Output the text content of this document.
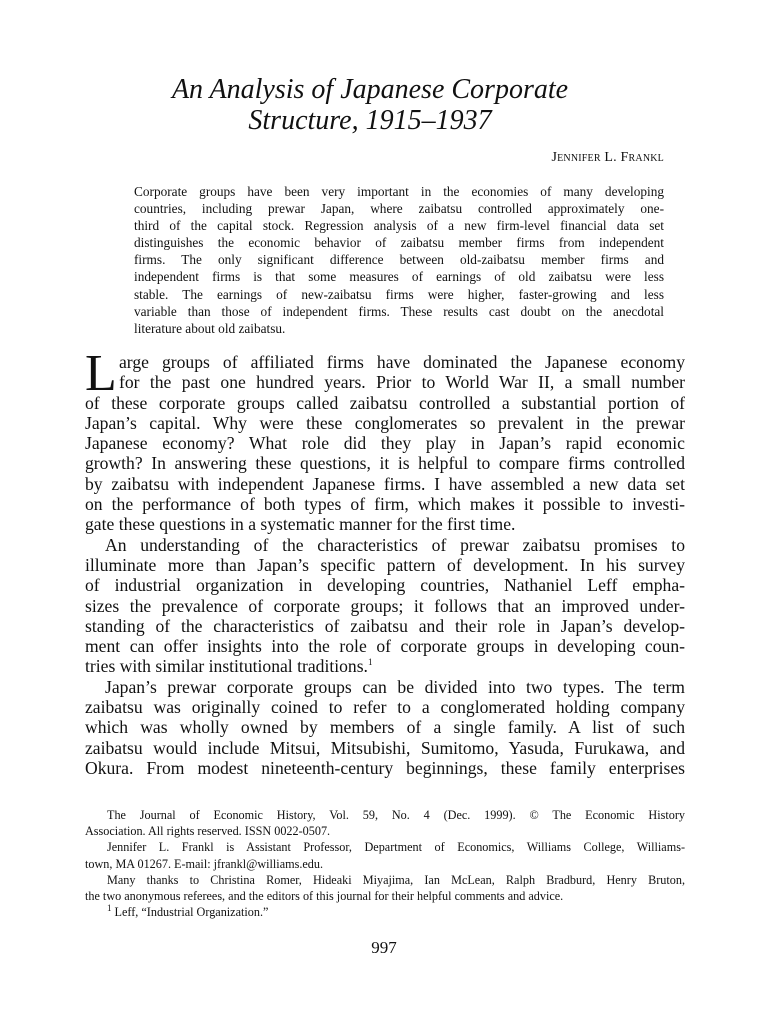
An Analysis of Japanese Corporate
Structure, 1915–1937
Jennifer L. Frankl
Corporate groups have been very important in the economies of many developing
countries, including prewar Japan, where zaibatsu controlled approximately one-
third of the capital stock. Regression analysis of a new firm-level financial data set
distinguishes the economic behavior of zaibatsu member firms from independent
firms. The only significant difference between old-zaibatsu member firms and
independent firms is that some measures of earnings of old zaibatsu were less
stable. The earnings of new-zaibatsu firms were higher, faster-growing and less
variable than those of independent firms. These results cast doubt on the anecdotal
literature about old zaibatsu.
L arge groups of affiliated firms have dominated the Japanese economy
for the past one hundred years. Prior to World War II, a small number
of these corporate groups called zaibatsu controlled a substantial portion of
Japan’s capital. Why were these conglomerates so prevalent in the prewar
Japanese economy? What role did they play in Japan’s rapid economic
growth? In answering these questions, it is helpful to compare firms controlled
by zaibatsu with independent Japanese firms. I have assembled a new data set
on the performance of both types of firm, which makes it possible to investi-
gate these questions in a systematic manner for the first time.
An understanding of the characteristics of prewar zaibatsu promises to
illuminate more than Japan’s specific pattern of development. In his survey
of industrial organization in developing countries, Nathaniel Leff empha-
sizes the prevalence of corporate groups; it follows that an improved under-
standing of the characteristics of zaibatsu and their role in Japan’s develop-
ment can offer insights into the role of corporate groups in developing coun-
tries with similar institutional traditions.$^1$
Japan’s prewar corporate groups can be divided into two types. The term
zaibatsu was originally coined to refer to a conglomerated holding company
which was wholly owned by members of a single family. A list of such
zaibatsu would include Mitsui, Mitsubishi, Sumitomo, Yasuda, Furukawa, and
Okura. From modest nineteenth-century beginnings, these family enterprises
The Journal of Economic History, Vol. 59, No. 4 (Dec. 1999). © The Economic History
Association. All rights reserved. ISSN 0022-0507.
Jennifer L. Frankl is Assistant Professor, Department of Economics, Williams College, Williams-
town, MA 01267. E-mail: jfrankl@williams.edu.
Many thanks to Christina Romer, Hideaki Miyajima, Ian McLean, Ralph Bradburd, Henry Bruton,
the two anonymous referees, and the editors of this journal for their helpful comments and advice.
$^1$ Leff, “Industrial Organization.”
997
